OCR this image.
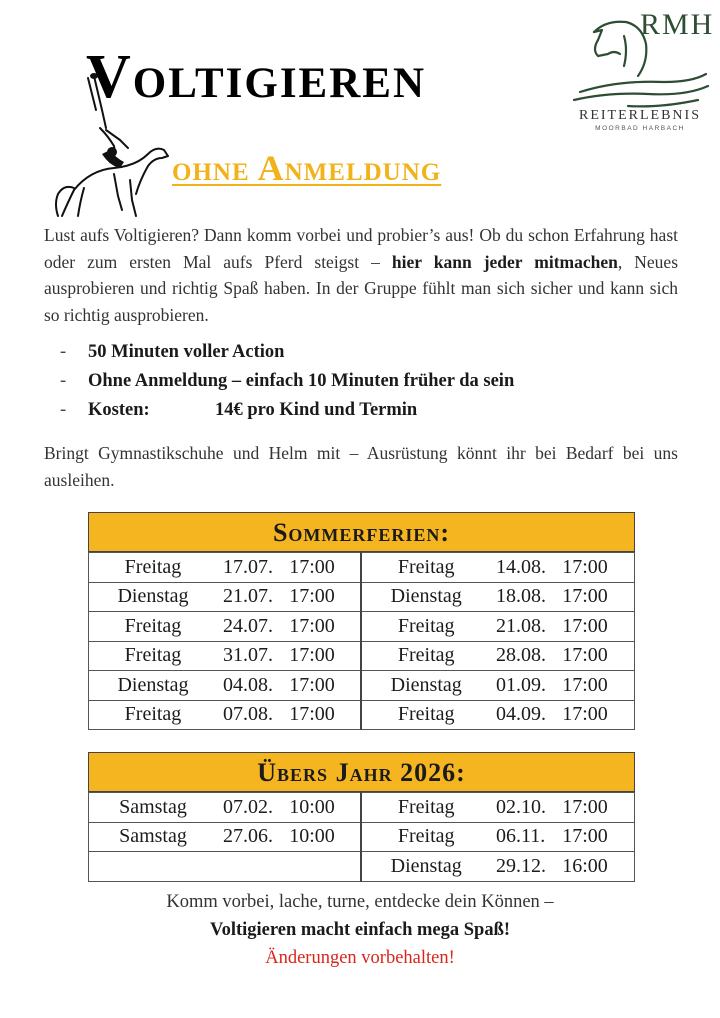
Voltigieren
ohne Anmeldung
RMH
REITERLEBNIS
MOORBAD HARBACH

Lust aufs Voltigieren? Dann komm vorbei und probier’s aus! Ob du schon Erfahrung hast oder zum ersten Mal aufs Pferd steigst – hier kann jeder mitmachen, Neues ausprobieren und richtig Spaß haben. In der Gruppe fühlt man sich sicher und kann sich so richtig ausprobieren.

-	50 Minuten voller Action
-	Ohne Anmeldung – einfach 10 Minuten früher da sein
-	Kosten:	14€ pro Kind und Termin

Bringt Gymnastikschuhe und Helm mit – Ausrüstung könnt ihr bei Bedarf bei uns ausleihen.

Sommerferien:
Freitag	17.07.	17:00	Freitag	14.08.	17:00
Dienstag	21.07.	17:00	Dienstag	18.08.	17:00
Freitag	24.07.	17:00	Freitag	21.08.	17:00
Freitag	31.07.	17:00	Freitag	28.08.	17:00
Dienstag	04.08.	17:00	Dienstag	01.09.	17:00
Freitag	07.08.	17:00	Freitag	04.09.	17:00
Übers Jahr 2026:
Samstag	07.02.	10:00	Freitag	02.10.	17:00
Samstag	27.06.	10:00	Freitag	06.11.	17:00
			Dienstag	29.12.	16:00

Komm vorbei, lache, turne, entdecke dein Können –

Voltigieren macht einfach mega Spaß!

Änderungen vorbehalten!
